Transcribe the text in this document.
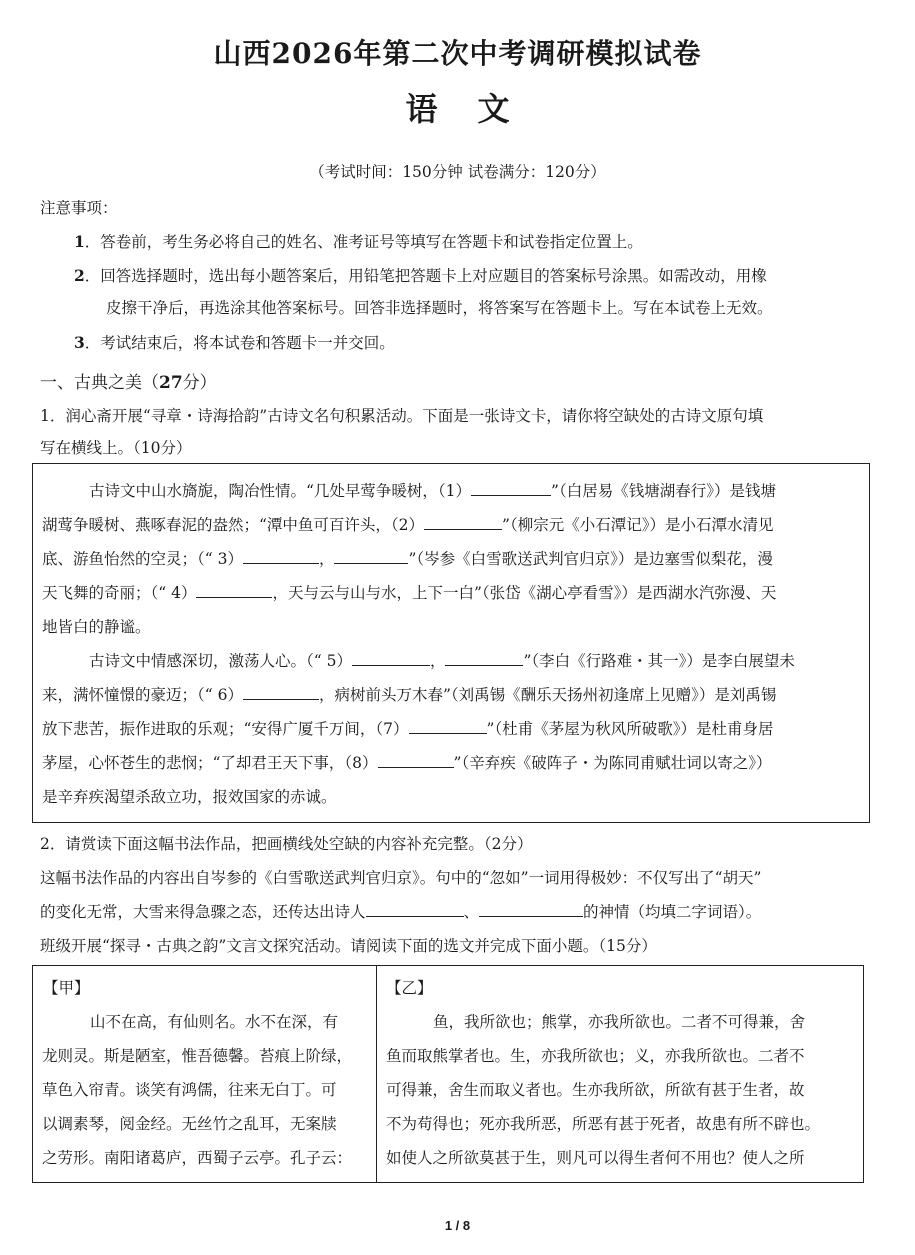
山西2026年第二次中考调研模拟试卷
语文
（考试时间：150分钟 试卷满分：120分）
注意事项：
1．答卷前，考生务必将自己的姓名、准考证号等填写在答题卡和试卷指定位置上。
2．回答选择题时，选出每小题答案后，用铅笔把答题卡上对应题目的答案标号涂黑。如需改动，用橡
皮擦干净后，再选涂其他答案标号。回答非选择题时，将答案写在答题卡上。写在本试卷上无效。
3．考试结束后，将本试卷和答题卡一并交回。
一、古典之美（27分）
1．润心斋开展“寻章・诗海拾韵”古诗文名句积累活动。下面是一张诗文卡，请你将空缺处的古诗文原句填
写在横线上。（10分）
古诗文中山水旖旎，陶冶性情。“几处早莺争暖树，（1）	”（白居易《钱塘湖春行》）是钱塘
湖莺争暖树、燕啄春泥的盎然；“潭中鱼可百许头，（2）	”（柳宗元《小石潭记》）是小石潭水清见
底、游鱼怡然的空灵；（“ 3）	，	”（岑参《白雪歌送武判官归京》）是边塞雪似梨花，漫
天飞舞的奇丽；（“ 4）	，天与云与山与水，上下一白”（张岱《湖心亭看雪》）是西湖水汽弥漫、天
地皆白的静谧。
古诗文中情感深切，激荡人心。（“ 5）	，	”（李白《行路难・其一》）是李白展望未
来，满怀憧憬的豪迈；（“ 6）	，病树前头万木春”（刘禹锡《酬乐天扬州初逢席上见赠》）是刘禹锡
放下悲苦，振作进取的乐观；“安得广厦千万间，（7）	”（杜甫《茅屋为秋风所破歌》）是杜甫身居
茅屋，心怀苍生的悲悯；“了却君王天下事，（8）	”（辛弃疾《破阵子・为陈同甫赋壮词以寄之》）
是辛弃疾渴望杀敌立功，报效国家的赤诚。
2．请赏读下面这幅书法作品，把画横线处空缺的内容补充完整。（2分）
这幅书法作品的内容出自岑参的《白雪歌送武判官归京》。句中的“忽如”一词用得极妙：不仅写出了“胡天”
的变化无常，大雪来得急骤之态，还传达出诗人	、	的神情（均填二字词语）。
班级开展“探寻・古典之韵”文言文探究活动。请阅读下面的选文并完成下面小题。（15分）
【甲】
山不在高，有仙则名。水不在深，有
龙则灵。斯是陋室，惟吾德馨。苔痕上阶绿，
草色入帘青。谈笑有鸿儒，往来无白丁。可
以调素琴，阅金经。无丝竹之乱耳，无案牍
之劳形。南阳诸葛庐，西蜀子云亭。孔子云：
【乙】
鱼，我所欲也；熊掌，亦我所欲也。二者不可得兼，舍
鱼而取熊掌者也。生，亦我所欲也；义，亦我所欲也。二者不
可得兼，舍生而取义者也。生亦我所欲，所欲有甚于生者，故
不为苟得也；死亦我所恶，所恶有甚于死者，故患有所不辟也。
如使人之所欲莫甚于生，则凡可以得生者何不用也？使人之所
1 / 8
